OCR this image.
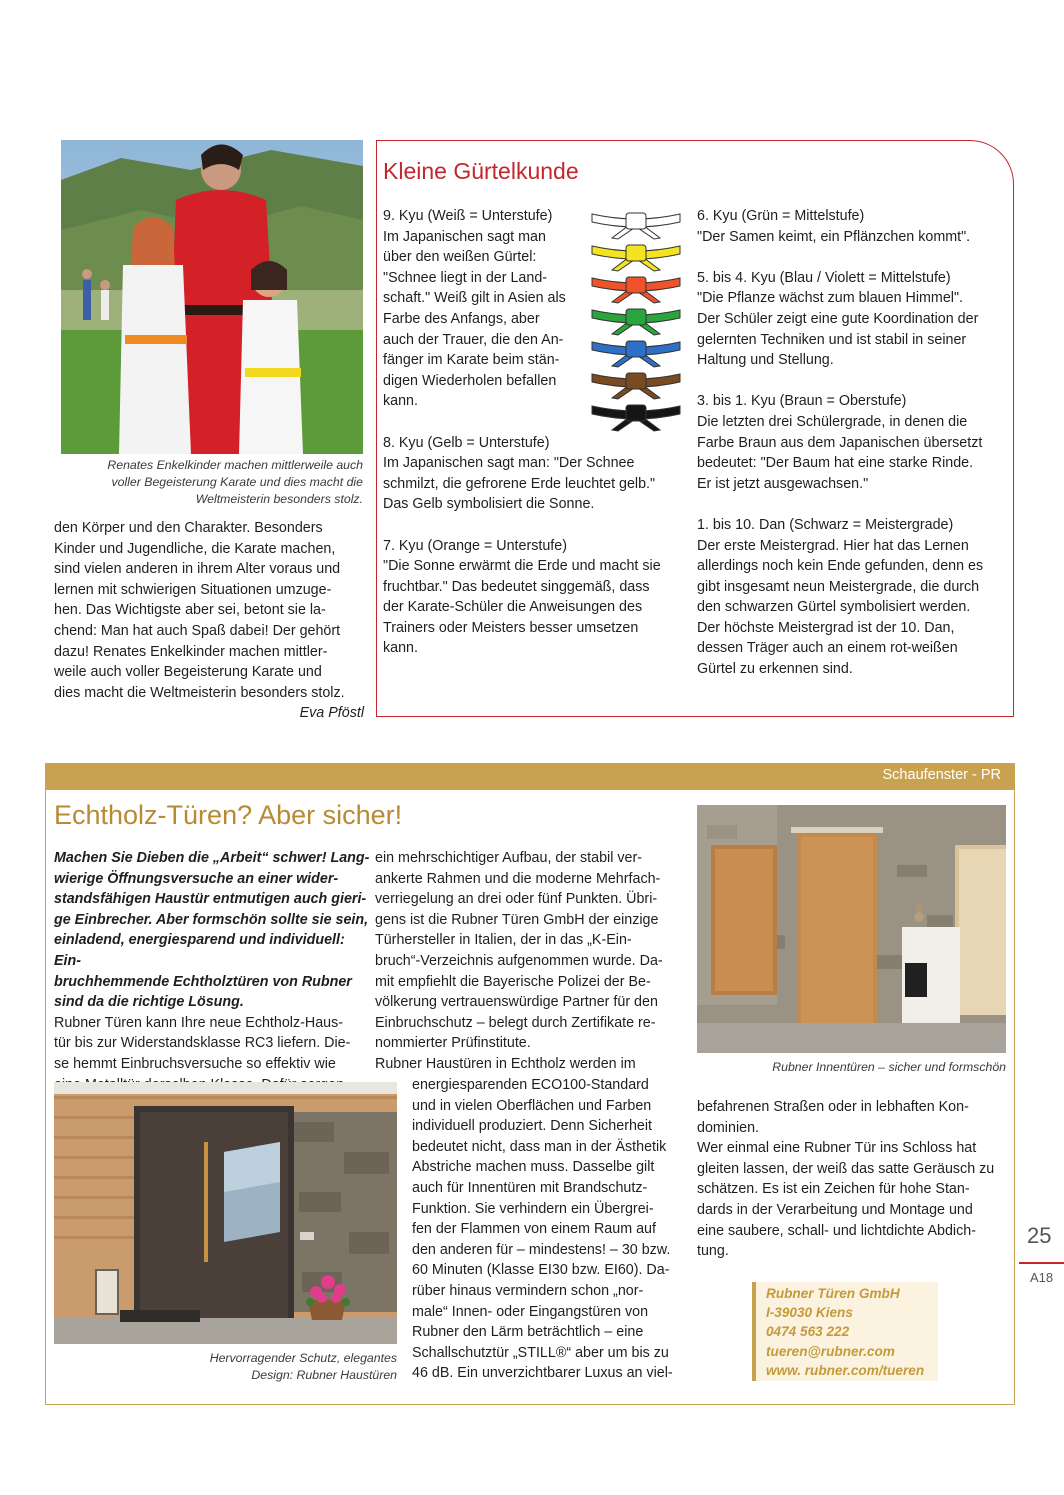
Renates Enkelkinder machen mittlerweile auch

voller Begeisterung Karate und dies macht die

Weltmeisterin besonders stolz.

den Körper und den Charakter. Besonders

Kinder und Jugendliche, die Karate machen,

sind vielen anderen in ihrem Alter voraus und

lernen mit schwierigen Situationen umzuge-

hen. Das Wichtigste aber sei, betont sie la-

chend: Man hat auch Spaß dabei! Der gehört

dazu! Renates Enkelkinder machen mittler-

weile auch voller Begeisterung Karate und

dies macht die Weltmeisterin besonders stolz.

Eva Pföstl

Kleine Gürtelkunde

9. Kyu (Weiß = Unterstufe)

Im Japanischen sagt man

über den weißen Gürtel:

"Schnee liegt in der Land-

schaft." Weiß gilt in Asien als

Farbe des Anfangs, aber

auch der Trauer, die den An-

fänger im Karate beim stän-

digen Wiederholen befallen

kann.

8. Kyu (Gelb = Unterstufe)

Im Japanischen sagt man: "Der Schnee

schmilzt, die gefrorene Erde leuchtet gelb."

Das Gelb symbolisiert die Sonne.

7. Kyu (Orange = Unterstufe)

"Die Sonne erwärmt die Erde und macht sie

fruchtbar." Das bedeutet singgemäß, dass

der Karate-Schüler die Anweisungen des

Trainers oder Meisters besser umsetzen

kann.

6. Kyu (Grün = Mittelstufe)

"Der Samen keimt, ein Pflänzchen kommt".

5. bis 4. Kyu (Blau / Violett = Mittelstufe)

"Die Pflanze wächst zum blauen Himmel".

Der Schüler zeigt eine gute Koordination der

gelernten Techniken und ist stabil in seiner

Haltung und Stellung.

3. bis 1. Kyu (Braun = Oberstufe)

Die letzten drei Schülergrade, in denen die

Farbe Braun aus dem Japanischen übersetzt

bedeutet: "Der Baum hat eine starke Rinde.

Er ist jetzt ausgewachsen."

1. bis 10. Dan (Schwarz = Meistergrade)

Der erste Meistergrad. Hier hat das Lernen

allerdings noch kein Ende gefunden, denn es

gibt insgesamt neun Meistergrade, die durch

den schwarzen Gürtel symbolisiert werden.

Der höchste Meistergrad ist der 10. Dan,

dessen Träger auch an einem rot-weißen

Gürtel zu erkennen sind.

Schaufenster - PR
Echtholz-Türen? Aber sicher!

Machen Sie Dieben die „Arbeit“ schwer! Lang-

wierige Öffnungsversuche an einer wider-

standsfähigen Haustür entmutigen auch gieri-

ge Einbrecher. Aber formschön sollte sie sein,

einladend, energiesparend und individuell: Ein-

bruchhemmende Echtholztüren von Rubner

sind da die richtige Lösung.

Rubner Türen kann Ihre neue Echtholz-Haus-

tür bis zur Widerstandsklasse RC3 liefern. Die-

se hemmt Einbruchsversuche so effektiv wie

ein mehrschichtiger Aufbau, der stabil ver-

ankerte Rahmen und die moderne Mehrfach-

verriegelung an drei oder fünf Punkten. Übri-

gens ist die Rubner Türen GmbH der einzige

Türhersteller in Italien, der in das „K-Ein-

bruch“-Verzeichnis aufgenommen wurde. Da-

mit empfiehlt die Bayerische Polizei der Be-

völkerung vertrauenswürdige Partner für den

Einbruchschutz – belegt durch Zertifikate re-

nommierter Prüfinstitute.

Rubner Haustüren in Echtholz werden im

energiesparenden ECO100-Standard

und in vielen Oberflächen und Farben

individuell produziert. Denn Sicherheit

bedeutet nicht, dass man in der Ästhetik

Abstriche machen muss. Dasselbe gilt

auch für Innentüren mit Brandschutz-

Funktion. Sie verhindern ein Übergrei-

fen der Flammen von einem Raum auf

den anderen für – mindestens! – 30 bzw.

60 Minuten (Klasse EI30 bzw. EI60). Da-

rüber hinaus vermindern schon „nor-

male“ Innen- oder Eingangstüren von

Rubner den Lärm beträchtlich – eine

Schallschutztür „STILL®“ aber um bis zu

46 dB. Ein unverzichtbarer Luxus an viel-

befahrenen Straßen oder in lebhaften Kon-

dominien.

Wer einmal eine Rubner Tür ins Schloss hat

gleiten lassen, der weiß das satte Geräusch zu

schätzen. Es ist ein Zeichen für hohe Stan-

dards in der Verarbeitung und Montage und

eine saubere, schall- und lichtdichte Abdich-

tung.

Rubner Innentüren – sicher und formschön

Hervorragender Schutz, elegantes

Design: Rubner Haustüren

Rubner Türen GmbH

I-39030 Kiens

0474 563 222

tueren@rubner.com

www. rubner.com/tueren

25
A18
